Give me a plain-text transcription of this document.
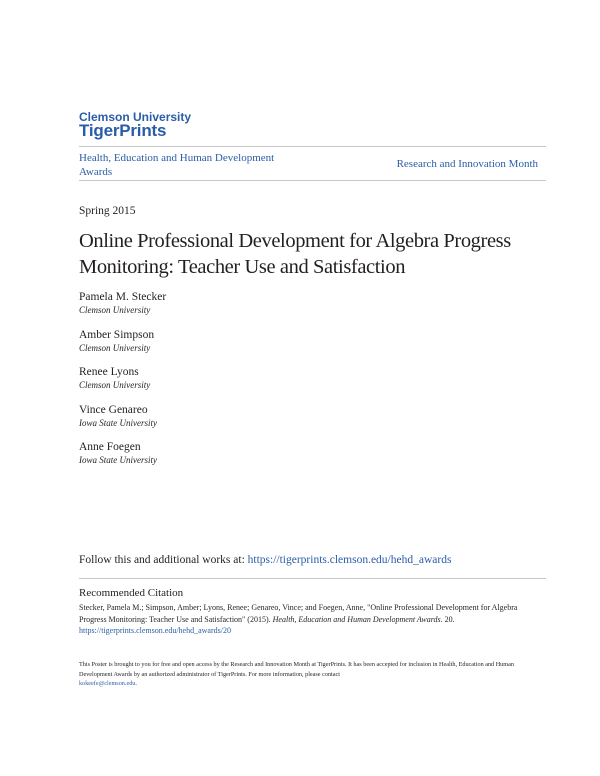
Clemson University
TigerPrints
Health, Education and Human Development Awards
Research and Innovation Month
Spring 2015
Online Professional Development for Algebra Progress Monitoring: Teacher Use and Satisfaction
Pamela M. Stecker
Clemson University
Amber Simpson
Clemson University
Renee Lyons
Clemson University
Vince Genareo
Iowa State University
Anne Foegen
Iowa State University
Follow this and additional works at: https://tigerprints.clemson.edu/hehd_awards
Recommended Citation
Stecker, Pamela M.; Simpson, Amber; Lyons, Renee; Genareo, Vince; and Foegen, Anne, "Online Professional Development for Algebra Progress Monitoring: Teacher Use and Satisfaction" (2015). Health, Education and Human Development Awards. 20.
https://tigerprints.clemson.edu/hehd_awards/20
This Poster is brought to you for free and open access by the Research and Innovation Month at TigerPrints. It has been accepted for inclusion in Health, Education and Human Development Awards by an authorized administrator of TigerPrints. For more information, please contact
kokeefe@clemson.edu.
